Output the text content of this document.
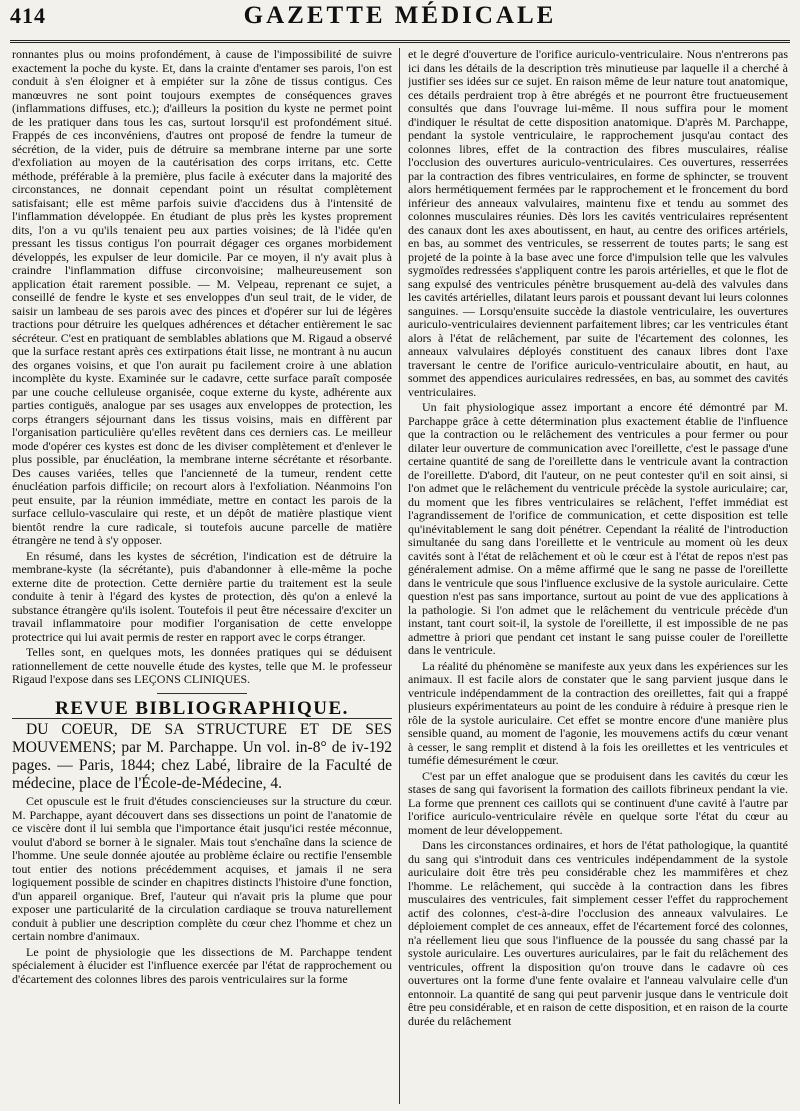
414	GAZETTE MÉDICALE

ronnantes plus ou moins profondément, à cause de l'impossibilité de suivre exactement la poche du kyste. Et, dans la crainte d'entamer ses parois, l'on est conduit à s'en éloigner et à empiéter sur la zône de tissus contigus. Ces manœuvres ne sont point toujours exemptes de conséquences graves (inflammations diffuses, etc.); d'ailleurs la position du kyste ne permet point de les pratiquer dans tous les cas, surtout lorsqu'il est profondément situé. Frappés de ces inconvéniens, d'autres ont proposé de fendre la tumeur de sécrétion, de la vider, puis de détruire sa membrane interne par une sorte d'exfoliation au moyen de la cautérisation des corps irritans, etc. Cette méthode, préférable à la première, plus facile à exécuter dans la majorité des circonstances, ne donnait cependant point un résultat complètement satisfaisant; elle est même parfois suivie d'accidens dus à l'intensité de l'inflammation développée. En étudiant de plus près les kystes proprement dits, l'on a vu qu'ils tenaient peu aux parties voisines; de là l'idée qu'en pressant les tissus contigus l'on pourrait dégager ces organes morbidement développés, les expulser de leur domicile. Par ce moyen, il n'y avait plus à craindre l'inflammation diffuse circonvoisine; malheureusement son application était rarement possible. — M. Velpeau, reprenant ce sujet, a conseillé de fendre le kyste et ses enveloppes d'un seul trait, de le vider, de saisir un lambeau de ses parois avec des pinces et d'opérer sur lui de légères tractions pour détruire les quelques adhérences et détacher entièrement le sac sécréteur. C'est en pratiquant de semblables ablations que M. Rigaud a observé que la surface restant après ces extirpations était lisse, ne montrant à nu aucun des organes voisins, et que l'on aurait pu facilement croire à une ablation incomplète du kyste. Examinée sur le cadavre, cette surface paraît composée par une couche celluleuse organisée, coque externe du kyste, adhérente aux parties contiguës, analogue par ses usages aux enveloppes de protection, les corps étrangers séjournant dans les tissus voisins, mais en diffèrent par l'organisation particulière qu'elles revêtent dans ces derniers cas. Le meilleur mode d'opérer ces kystes est donc de les diviser complètement et d'enlever le plus possible, par énucléation, la membrane interne sécrétante et résorbante. Des causes variées, telles que l'ancienneté de la tumeur, rendent cette énucléation parfois difficile; on recourt alors à l'exfoliation. Néanmoins l'on peut ensuite, par la réunion immédiate, mettre en contact les parois de la surface cellulo-vasculaire qui reste, et un dépôt de matière plastique vient bientôt rendre la cure radicale, si toutefois aucune parcelle de matière étrangère ne tend à s'y opposer.

En résumé, dans les kystes de sécrétion, l'indication est de détruire la membrane-kyste (la sécrétante), puis d'abandonner à elle-même la poche externe dite de protection. Cette dernière partie du traitement est la seule conduite à tenir à l'égard des kystes de protection, dès qu'on a enlevé la substance étrangère qu'ils isolent. Toutefois il peut être nécessaire d'exciter un travail inflammatoire pour modifier l'organisation de cette enveloppe protectrice qui lui avait permis de rester en rapport avec le corps étranger.

Telles sont, en quelques mots, les données pratiques qui se déduisent rationnellement de cette nouvelle étude des kystes, telle que M. le professeur Rigaud l'expose dans ses LEÇONS CLINIQUES.

REVUE BIBLIOGRAPHIQUE.

DU COEUR, DE SA STRUCTURE ET DE SES MOUVEMENS; par M. Parchappe. Un vol. in-8° de iv-192 pages. — Paris, 1844; chez Labé, libraire de la Faculté de médecine, place de l'École-de-Médecine, 4.

Cet opuscule est le fruit d'études consciencieuses sur la structure du cœur. M. Parchappe, ayant découvert dans ses dissections un point de l'anatomie de ce viscère dont il lui sembla que l'importance était jusqu'ici restée méconnue, voulut d'abord se borner à le signaler. Mais tout s'enchaîne dans la science de l'homme. Une seule donnée ajoutée au problème éclaire ou rectifie l'ensemble tout entier des notions précédemment acquises, et jamais il ne sera logiquement possible de scinder en chapitres distincts l'histoire d'une fonction, d'un appareil organique. Bref, l'auteur qui n'avait pris la plume que pour exposer une particularité de la circulation cardiaque se trouva naturellement conduit à publier une description complète du cœur chez l'homme et chez un certain nombre d'animaux.

Le point de physiologie que les dissections de M. Parchappe tendent spécialement à élucider est l'influence exercée par l'état de rapprochement ou d'écartement des colonnes libres des parois ventriculaires sur la forme

et le degré d'ouverture de l'orifice auriculo-ventriculaire. Nous n'entrerons pas ici dans les détails de la description très minutieuse par laquelle il a cherché à justifier ses idées sur ce sujet. En raison même de leur nature tout anatomique, ces détails perdraient trop à être abrégés et ne pourront être fructueusement consultés que dans l'ouvrage lui-même. Il nous suffira pour le moment d'indiquer le résultat de cette disposition anatomique. D'après M. Parchappe, pendant la systole ventriculaire, le rapprochement jusqu'au contact des colonnes libres, effet de la contraction des fibres musculaires, réalise l'occlusion des ouvertures auriculo-ventriculaires. Ces ouvertures, resserrées par la contraction des fibres ventriculaires, en forme de sphincter, se trouvent alors hermétiquement fermées par le rapprochement et le froncement du bord inférieur des anneaux valvulaires, maintenu fixe et tendu au sommet des colonnes musculaires réunies. Dès lors les cavités ventriculaires représentent des canaux dont les axes aboutissent, en haut, au centre des orifices artériels, en bas, au sommet des ventricules, se resserrent de toutes parts; le sang est projeté de la pointe à la base avec une force d'impulsion telle que les valvules sygmoïdes redressées s'appliquent contre les parois artérielles, et que le flot de sang expulsé des ventricules pénètre brusquement au-delà des valvules dans les cavités artérielles, dilatant leurs parois et poussant devant lui leurs colonnes sanguines. — Lorsqu'ensuite succède la diastole ventriculaire, les ouvertures auriculo-ventriculaires deviennent parfaitement libres; car les ventricules étant alors à l'état de relâchement, par suite de l'écartement des colonnes, les anneaux valvulaires déployés constituent des canaux libres dont l'axe traversant le centre de l'orifice auriculo-ventriculaire aboutit, en haut, au sommet des appendices auriculaires redressées, en bas, au sommet des cavités ventriculaires.

Un fait physiologique assez important a encore été démontré par M. Parchappe grâce à cette détermination plus exactement établie de l'influence que la contraction ou le relâchement des ventricules a pour fermer ou pour dilater leur ouverture de communication avec l'oreillette, c'est le passage d'une certaine quantité de sang de l'oreillette dans le ventricule avant la contraction de l'oreillette. D'abord, dit l'auteur, on ne peut contester qu'il en soit ainsi, si l'on admet que le relâchement du ventricule précède la systole auriculaire; car, du moment que les fibres ventriculaires se relâchent, l'effet immédiat est l'agrandissement de l'orifice de communication, et cette disposition est telle qu'inévitablement le sang doit pénétrer. Cependant la réalité de l'introduction simultanée du sang dans l'oreillette et le ventricule au moment où les deux cavités sont à l'état de relâchement et où le cœur est à l'état de repos n'est pas généralement admise. On a même affirmé que le sang ne passe de l'oreillette dans le ventricule que sous l'influence exclusive de la systole auriculaire. Cette question n'est pas sans importance, surtout au point de vue des applications à la pathologie. Si l'on admet que le relâchement du ventricule précède d'un instant, tant court soit-il, la systole de l'oreillette, il est impossible de ne pas admettre à priori que pendant cet instant le sang puisse couler de l'oreillette dans le ventricule.

La réalité du phénomène se manifeste aux yeux dans les expériences sur les animaux. Il est facile alors de constater que le sang parvient jusque dans le ventricule indépendamment de la contraction des oreillettes, fait qui a frappé plusieurs expérimentateurs au point de les conduire à réduire à presque rien le rôle de la systole auriculaire. Cet effet se montre encore d'une manière plus sensible quand, au moment de l'agonie, les mouvemens actifs du cœur venant à cesser, le sang remplit et distend à la fois les oreillettes et les ventricules et tuméfie démesurément le cœur.

C'est par un effet analogue que se produisent dans les cavités du cœur les stases de sang qui favorisent la formation des caillots fibrineux pendant la vie. La forme que prennent ces caillots qui se continuent d'une cavité à l'autre par l'orifice auriculo-ventriculaire révèle en quelque sorte l'état du cœur au moment de leur développement.

Dans les circonstances ordinaires, et hors de l'état pathologique, la quantité du sang qui s'introduit dans ces ventricules indépendamment de la systole auriculaire doit être très peu considérable chez les mammifères et chez l'homme. Le relâchement, qui succède à la contraction dans les fibres musculaires des ventricules, fait simplement cesser l'effet du rapprochement actif des colonnes, c'est-à-dire l'occlusion des anneaux valvulaires. Le déploiement complet de ces anneaux, effet de l'écartement forcé des colonnes, n'a réellement lieu que sous l'influence de la poussée du sang chassé par la systole auriculaire. Les ouvertures auriculaires, par le fait du relâchement des ventricules, offrent la disposition qu'on trouve dans le cadavre où ces ouvertures ont la forme d'une fente ovalaire et l'anneau valvulaire celle d'un entonnoir. La quantité de sang qui peut parvenir jusque dans le ventricule doit être peu considérable, et en raison de cette disposition, et en raison de la courte durée du relâchement
